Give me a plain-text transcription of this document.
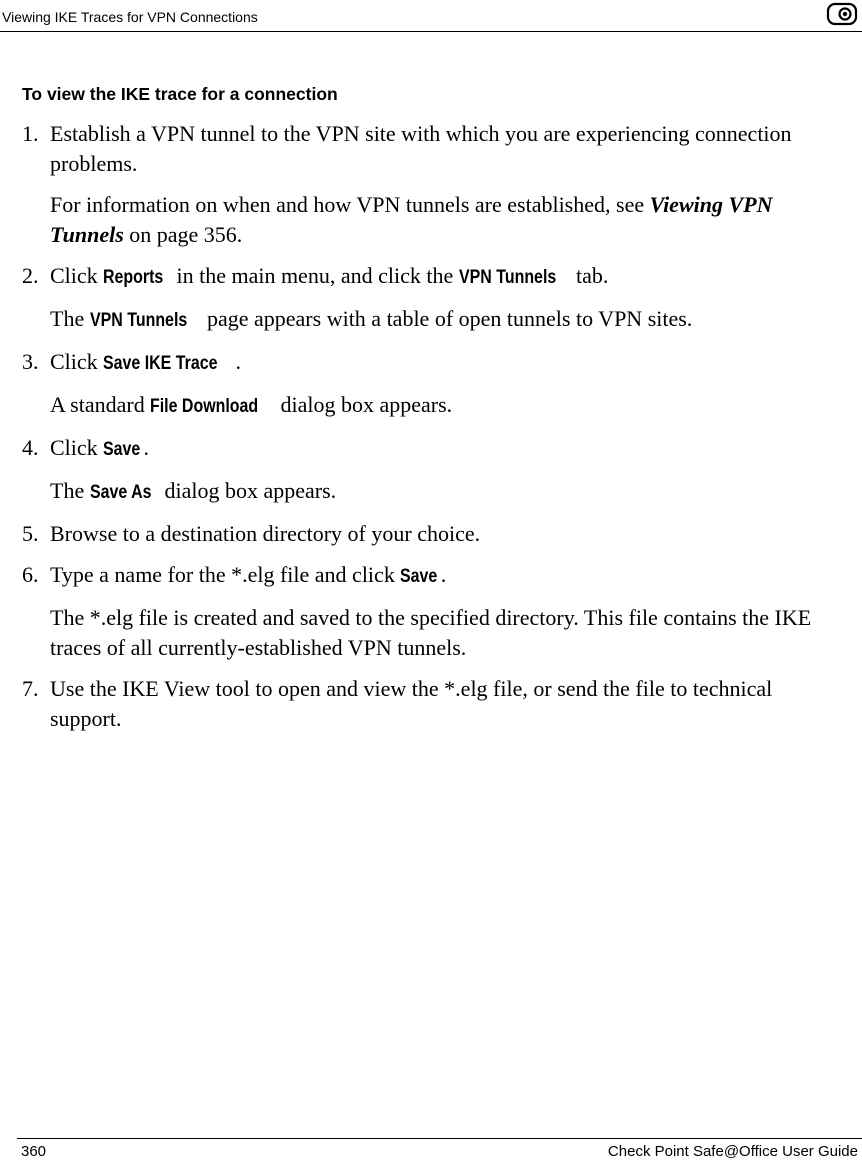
Viewing IKE Traces for VPN Connections
To view the IKE trace for a connection
1. Establish a VPN tunnel to the VPN site with which you are experiencing connection problems.
For information on when and how VPN tunnels are established, see Viewing VPN Tunnels on page 356.
2. Click Reports in the main menu, and click the VPN Tunnels tab.
The VPN Tunnels page appears with a table of open tunnels to VPN sites.
3. Click Save IKE Trace .
A standard File Download dialog box appears.
4. Click Save .
The Save As dialog box appears.
5. Browse to a destination directory of your choice.
6. Type a name for the *.elg file and click Save .
The *.elg file is created and saved to the specified directory. This file contains the IKE traces of all currently-established VPN tunnels.
7. Use the IKE View tool to open and view the *.elg file, or send the file to technical support.
360	Check Point Safe@Office User Guide
